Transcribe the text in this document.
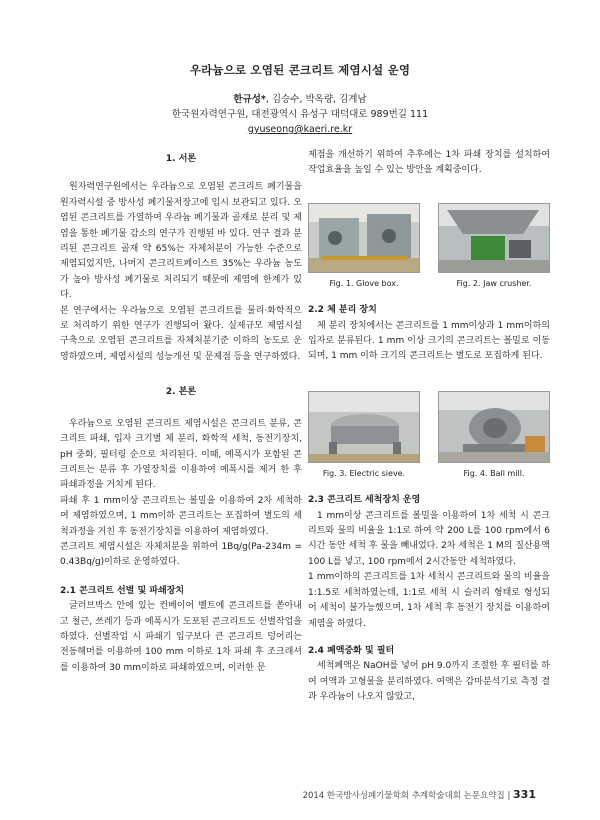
우라늄으로 오염된 콘크리트 제염시설 운영
한규성*, 김승수, 박옥량, 김계남
한국원자력연구원, 대전광역시 유성구 대덕대로 989번길 111
gyuseong@kaeri.re.kr

1. 서론

원자력연구원에서는 우라늄으로 오염된 콘크리트 폐기물을 원자력시설 중 방사성 폐기물저장고에 임시 보관되고 있다. 오염된 콘크리트를 가열하여 우라늄 폐기물과 골재로 분리 및 제염을 통한 폐기물 감소의 연구가 진행된 바 있다. 연구 결과 분리된 콘크리트 골재 약 65%는 자체처분이 가능한 수준으로 제염되었지만, 나머지 콘크리트페이스트 35%는 우라늄 농도가 높아 방사성 폐기물로 처리되기 때문에 제염에 한계가 있다.

본 연구에서는 우라늄으로 오염된 콘크리트를 물리·화학적으로 처리하기 위한 연구가 진행되어 왔다. 실제규모 제염시설 구축으로 오염된 콘크리트를 자체처분기준 이하의 농도로 운영하였으며, 제염시설의 성능개선 및 문제점 등을 연구하였다.

2. 본론

우라늄으로 오염된 콘크리트 제염시설은 콘크리트 분류, 콘크리트 파쇄, 입자 크기별 체 분리, 화학적 세척, 동전기장치, pH 중화, 필터링 순으로 처리된다. 이때, 예폭시가 포함된 콘크리트는 분류 후 가열장치를 이용하여 예폭시를 제거 한 후 파쇄과정을 거치게 된다.

파쇄 후 1 mm이상 콘크리트는 볼밀을 이용하여 2차 세척하여 제염하였으며, 1 mm이하 콘크리트는 포집하여 별도의 세척과정을 거친 후 동전기장치를 이용하여 제염하였다.

콘크리트 제염시설은 자체처분을 위하여 1Bq/g(Pa-234m = 0.43Bq/g)이하로 운영하였다.

2.1 콘크리트 선별 및 파쇄장치

글러브박스 안에 있는 컨베이어 벨트에 콘크리트를 쏟아내고 철근, 쓰레기 등과 에폭시가 도포된 콘크리트도 선별작업을 하였다. 선별작업 시 파쇄기 입구보다 큰 콘크리트 덩어리는 전동해머를 이용하여 100 mm 이하로 1차 파쇄 후 조크래셔를 이용하여 30 mm이하로 파쇄하였으며, 이러한 문

제점을 개선하기 위하여 추후에는 1차 파쇄 장치를 설치하여 작업효율을 높일 수 있는 방안을 계획중이다.

Fig. 1. Glove box.	Fig. 2. Jaw crusher.

2.2 체 분리 장치

체 분리 장치에서는 콘크리트를 1 mm이상과 1 mm이하의 입자로 분류된다. 1 mm 이상 크기의 콘크리트는 볼밀로 이동되며, 1 mm 이하 크기의 콘크리트는 별도로 포집하게 된다.

Fig. 3. Electric sieve.	Fig. 4. Ball mill.

2.3 콘크리트 세척장치 운영

1 mm이상 콘크리트를 볼밀을 이용하여 1차 세척 시 콘크리트와 물의 비율을 1:1로 하여 약 200 L를 100 rpm에서 6시간 동안 세척 후 물을 빼내었다. 2차 세척은 1 M의 질산용액 100 L를 넣고, 100 rpm에서 2시간동안 세척하였다.

1 mm이하의 콘크리트를 1차 세척시 콘크리트와 물의 비율을 1:1.5로 세척하였는데, 1:1로 세척 시 슬러리 형태로 형성되어 세척이 불가능했으며, 1차 세척 후 동전기 장치를 이용하여 제염을 하였다.

2.4 폐액중화 및 필터

세척폐액은 NaOH를 넣어 pH 9.0까지 조절한 후 필터를 하여 여액과 고형물을 분리하였다. 여액은 감마분석기로 측정 결과 우라늄이 나오지 않았고,

2014 한국방사성폐기물학회 추계학술대회 논문요약집 | 331
